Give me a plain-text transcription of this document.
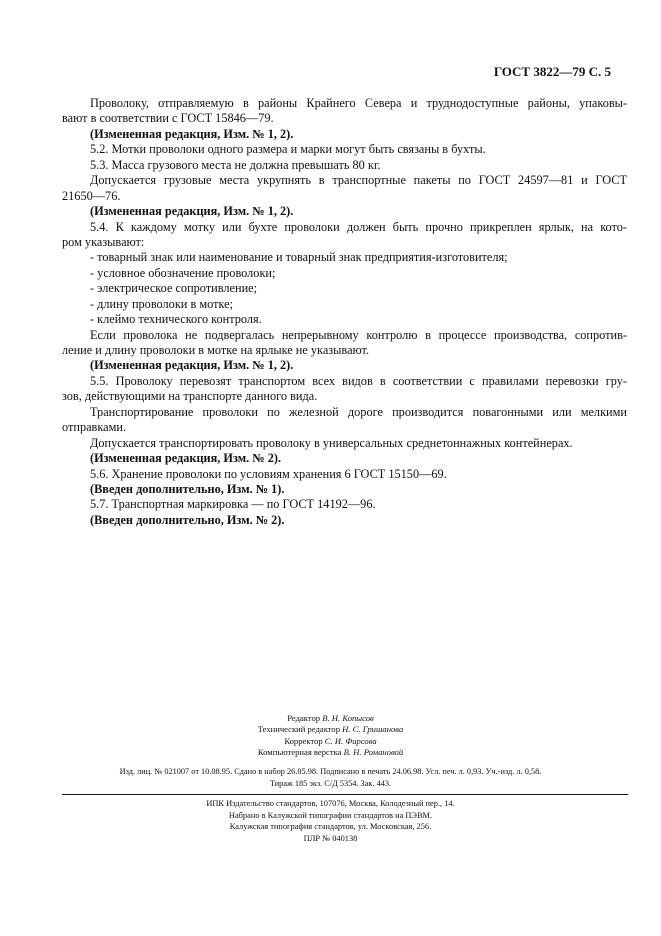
ГОСТ 3822—79 С. 5
Проволоку, отправляемую в районы Крайнего Севера и труднодоступные районы, упаковы-
вают в соответствии с ГОСТ 15846—79.
(Измененная редакция, Изм. № 1, 2).
5.2. Мотки проволоки одного размера и марки могут быть связаны в бухты.
5.3. Масса грузового места не должна превышать 80 кг.
Допускается грузовые места укрупнять в транспортные пакеты по ГОСТ 24597—81 и ГОСТ
21650—76.
(Измененная редакция, Изм. № 1, 2).
5.4. К каждому мотку или бухте проволоки должен быть прочно прикреплен ярлык, на кото-
ром указывают:
- товарный знак или наименование и товарный знак предприятия-изготовителя;
- условное обозначение проволоки;
- электрическое сопротивление;
- длину проволоки в мотке;
- клеймо технического контроля.
Если проволока не подвергалась непрерывному контролю в процессе производства, сопротив-
ление и длину проволоки в мотке на ярлыке не указывают.
(Измененная редакция, Изм. № 1, 2).
5.5. Проволоку перевозят транспортом всех видов в соответствии с правилами перевозки гру-
зов, действующими на транспорте данного вида.
Транспортирование проволоки по железной дороге производится повагонными или мелкими
отправками.
Допускается транспортировать проволоку в универсальных среднетоннажных контейнерах.
(Измененная редакция, Изм. № 2).
5.6. Хранение проволоки по условиям хранения 6 ГОСТ 15150—69.
(Введен дополнительно, Изм. № 1).
5.7. Транспортная маркировка — по ГОСТ 14192—96.
(Введен дополнительно, Изм. № 2).
Редактор В. Н. Копысов
Технический редактор Н. С. Гришанова
Корректор С. И. Фирсова
Компьютерная верстка В. Н. Романовой
Изд. лиц. № 021007 от 10.08.95. Сдано в набор 26.05.98. Подписано в печать 24.06.98. Усл. печ. л. 0,93. Уч.-изд. л. 0,58.
Тираж 185 экз. С/Д 5354. Зак. 443.
ИПК Издательство стандартов, 107076, Москва, Колодезный пер., 14.
Набрано в Калужской типографии стандартов на ПЭВМ.
Калужская типография стандартов, ул. Московская, 256.
ПЛР № 040138
